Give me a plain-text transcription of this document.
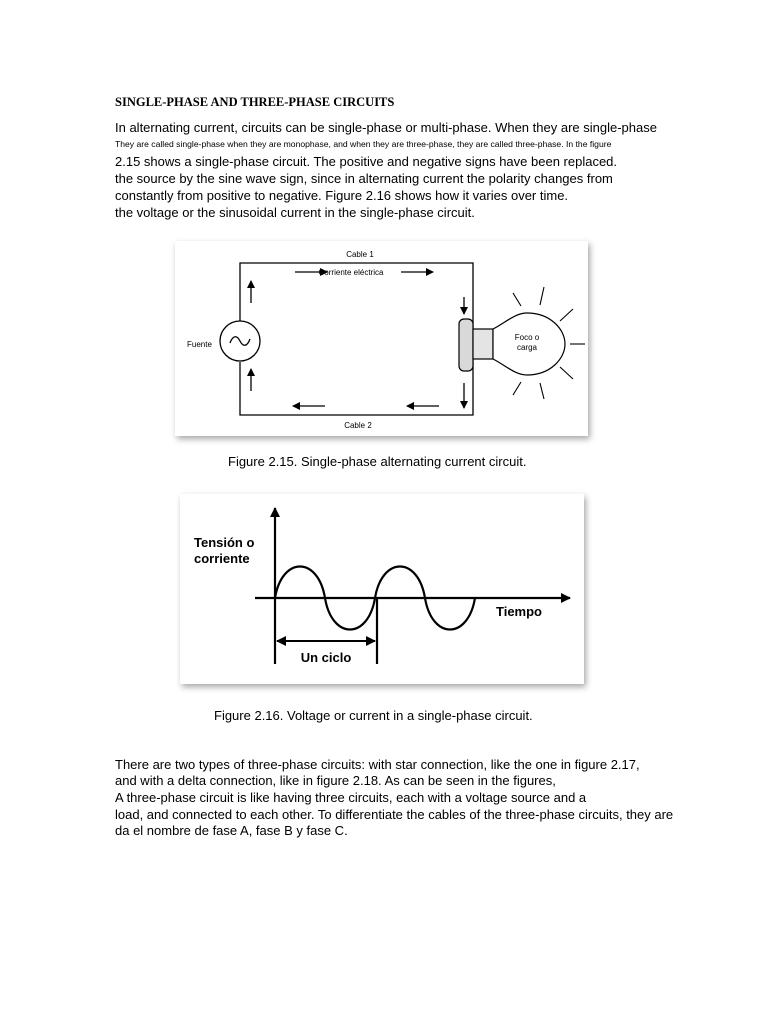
SINGLE-PHASE AND THREE-PHASE CIRCUITS
In alternating current, circuits can be single-phase or multi-phase. When they are single-phase
They are called single-phase when they are monophase, and when they are three-phase, they are called three-phase. In the figure
2.15 shows a single-phase circuit. The positive and negative signs have been replaced.
the source by the sine wave sign, since in alternating current the polarity changes from
constantly from positive to negative. Figure 2.16 shows how it varies over time.
the voltage or the sinusoidal current in the single-phase circuit.
Cable 1
Corriente eléctrica
Cable 2
Fuente
Foco o
carga
Figure 2.15. Single-phase alternating current circuit.
Tensión o
corriente
Tiempo
Un ciclo
Figure 2.16. Voltage or current in a single-phase circuit.
There are two types of three-phase circuits: with star connection, like the one in figure 2.17,
and with a delta connection, like in figure 2.18. As can be seen in the figures,
A three-phase circuit is like having three circuits, each with a voltage source and a
load, and connected to each other. To differentiate the cables of the three-phase circuits, they are
da el nombre de fase A, fase B y fase C.
